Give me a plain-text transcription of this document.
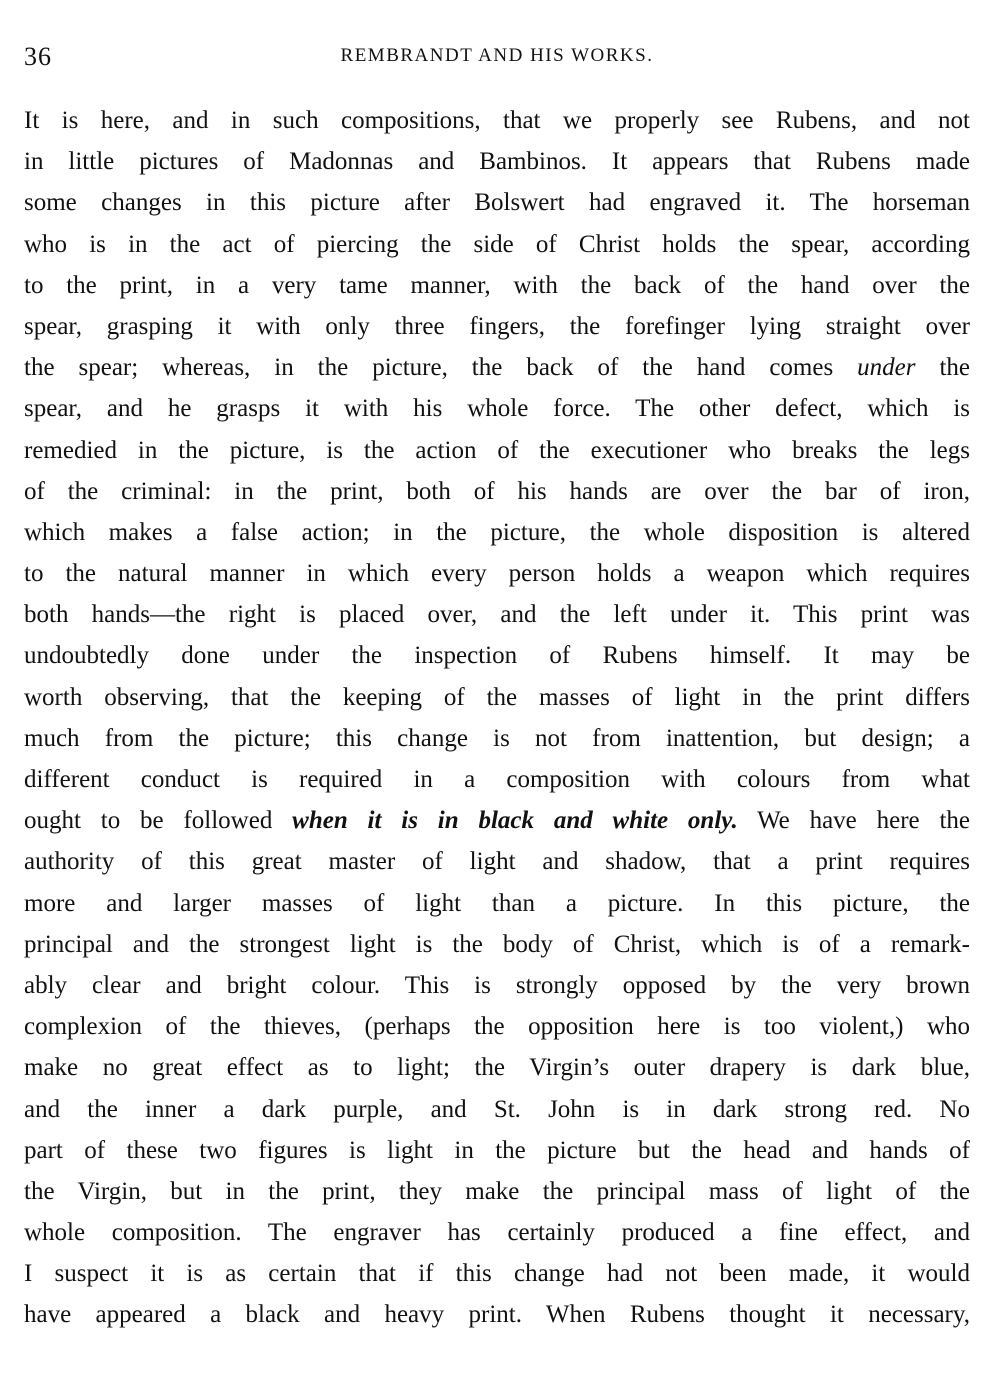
36	REMBRANDT AND HIS WORKS.
It is here, and in such compositions, that we properly see Rubens, and not
in little pictures of Madonnas and Bambinos. It appears that Rubens made
some changes in this picture after Bolswert had engraved it. The horseman
who is in the act of piercing the side of Christ holds the spear, according
to the print, in a very tame manner, with the back of the hand over the
spear, grasping it with only three fingers, the forefinger lying straight over
the spear; whereas, in the picture, the back of the hand comes under the
spear, and he grasps it with his whole force. The other defect, which is
remedied in the picture, is the action of the executioner who breaks the legs
of the criminal: in the print, both of his hands are over the bar of iron,
which makes a false action; in the picture, the whole disposition is altered
to the natural manner in which every person holds a weapon which requires
both hands—the right is placed over, and the left under it. This print was
undoubtedly done under the inspection of Rubens himself. It may be
worth observing, that the keeping of the masses of light in the print differs
much from the picture; this change is not from inattention, but design; a
different conduct is required in a composition with colours from what
ought to be followed when it is in black and white only. We have here the
authority of this great master of light and shadow, that a print requires
more and larger masses of light than a picture. In this picture, the
principal and the strongest light is the body of Christ, which is of a remark-
ably clear and bright colour. This is strongly opposed by the very brown
complexion of the thieves, (perhaps the opposition here is too violent,) who
make no great effect as to light; the Virgin’s outer drapery is dark blue,
and the inner a dark purple, and St. John is in dark strong red. No
part of these two figures is light in the picture but the head and hands of
the Virgin, but in the print, they make the principal mass of light of the
whole composition. The engraver has certainly produced a fine effect, and
I suspect it is as certain that if this change had not been made, it would
have appeared a black and heavy print. When Rubens thought it necessary,
